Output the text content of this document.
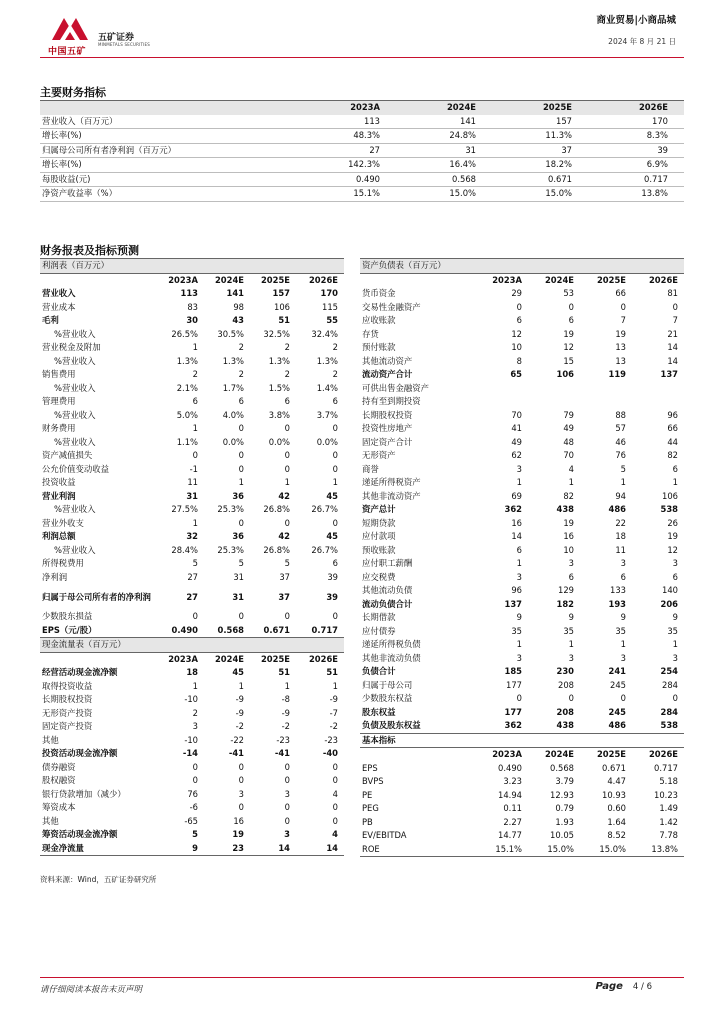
中国五矿
五矿证券
MINMETALS SECURITIES
商业贸易|小商品城
2024 年 8 月 21 日
主要财务指标
	2023A	2024E	2025E	2026E
营业收入（百万元）	113	141	157	170
增长率(%)	48.3%	24.8%	11.3%	8.3%
归属母公司所有者净利润（百万元）	27	31	37	39
增长率(%)	142.3%	16.4%	18.2%	6.9%
每股收益(元)	0.490	0.568	0.671	0.717
净资产收益率（%）	15.1%	15.0%	15.0%	13.8%
财务报表及指标预测
利润表（百万元）				
	2023A	2024E	2025E	2026E
营业收入	113	141	157	170
营业成本	83	98	106	115
毛利	30	43	51	55
%营业收入	26.5%	30.5%	32.5%	32.4%
营业税金及附加	1	2	2	2
%营业收入	1.3%	1.3%	1.3%	1.3%
销售费用	2	2	2	2
%营业收入	2.1%	1.7%	1.5%	1.4%
管理费用	6	6	6	6
%营业收入	5.0%	4.0%	3.8%	3.7%
财务费用	1	0	0	0
%营业收入	1.1%	0.0%	0.0%	0.0%
资产减值损失	0	0	0	0
公允价值变动收益	-1	0	0	0
投资收益	11	1	1	1
营业利润	31	36	42	45
%营业收入	27.5%	25.3%	26.8%	26.7%
营业外收支	1	0	0	0
利润总额	32	36	42	45
%营业收入	28.4%	25.3%	26.8%	26.7%
所得税费用	5	5	5	6
净利润	27	31	37	39
归属于母公司所有者的净利润	27	31	37	39
少数股东损益	0	0	0	0
EPS（元/股）	0.490	0.568	0.671	0.717
现金流量表（百万元）				
	2023A	2024E	2025E	2026E
经营活动现金流净额	18	45	51	51
取得投资收益	1	1	1	1
长期股权投资	-10	-9	-8	-9
无形资产投资	2	-9	-9	-7
固定资产投资	3	-2	-2	-2
其他	-10	-22	-23	-23
投资活动现金流净额	-14	-41	-41	-40
债券融资	0	0	0	0
股权融资	0	0	0	0
银行贷款增加（减少）	76	3	3	4
筹资成本	-6	0	0	0
其他	-65	16	0	0
筹资活动现金流净额	5	19	3	4
现金净流量	9	23	14	14
资产负债表（百万元）				
	2023A	2024E	2025E	2026E
货币资金	29	53	66	81
交易性金融资产	0	0	0	0
应收账款	6	6	7	7
存货	12	19	19	21
预付账款	10	12	13	14
其他流动资产	8	15	13	14
流动资产合计	65	106	119	137
可供出售金融资产				
持有至到期投资				
长期股权投资	70	79	88	96
投资性房地产	41	49	57	66
固定资产合计	49	48	46	44
无形资产	62	70	76	82
商誉	3	4	5	6
递延所得税资产	1	1	1	1
其他非流动资产	69	82	94	106
资产总计	362	438	486	538
短期贷款	16	19	22	26
应付款项	14	16	18	19
预收账款	6	10	11	12
应付职工薪酬	1	3	3	3
应交税费	3	6	6	6
其他流动负债	96	129	133	140
流动负债合计	137	182	193	206
长期借款	9	9	9	9
应付债券	35	35	35	35
递延所得税负债	1	1	1	1
其他非流动负债	3	3	3	3
负债合计	185	230	241	254
归属于母公司	177	208	245	284
少数股东权益	0	0	0	0
股东权益	177	208	245	284
负债及股东权益	362	438	486	538
基本指标				
	2023A	2024E	2025E	2026E
EPS	0.490	0.568	0.671	0.717
BVPS	3.23	3.79	4.47	5.18
PE	14.94	12.93	10.93	10.23
PEG	0.11	0.79	0.60	1.49
PB	2.27	1.93	1.64	1.42
EV/EBITDA	14.77	10.05	8.52	7.78
ROE	15.1%	15.0%	15.0%	13.8%
资料来源：Wind，五矿证券研究所
请仔细阅读本报告末页声明	Page 4 / 6
